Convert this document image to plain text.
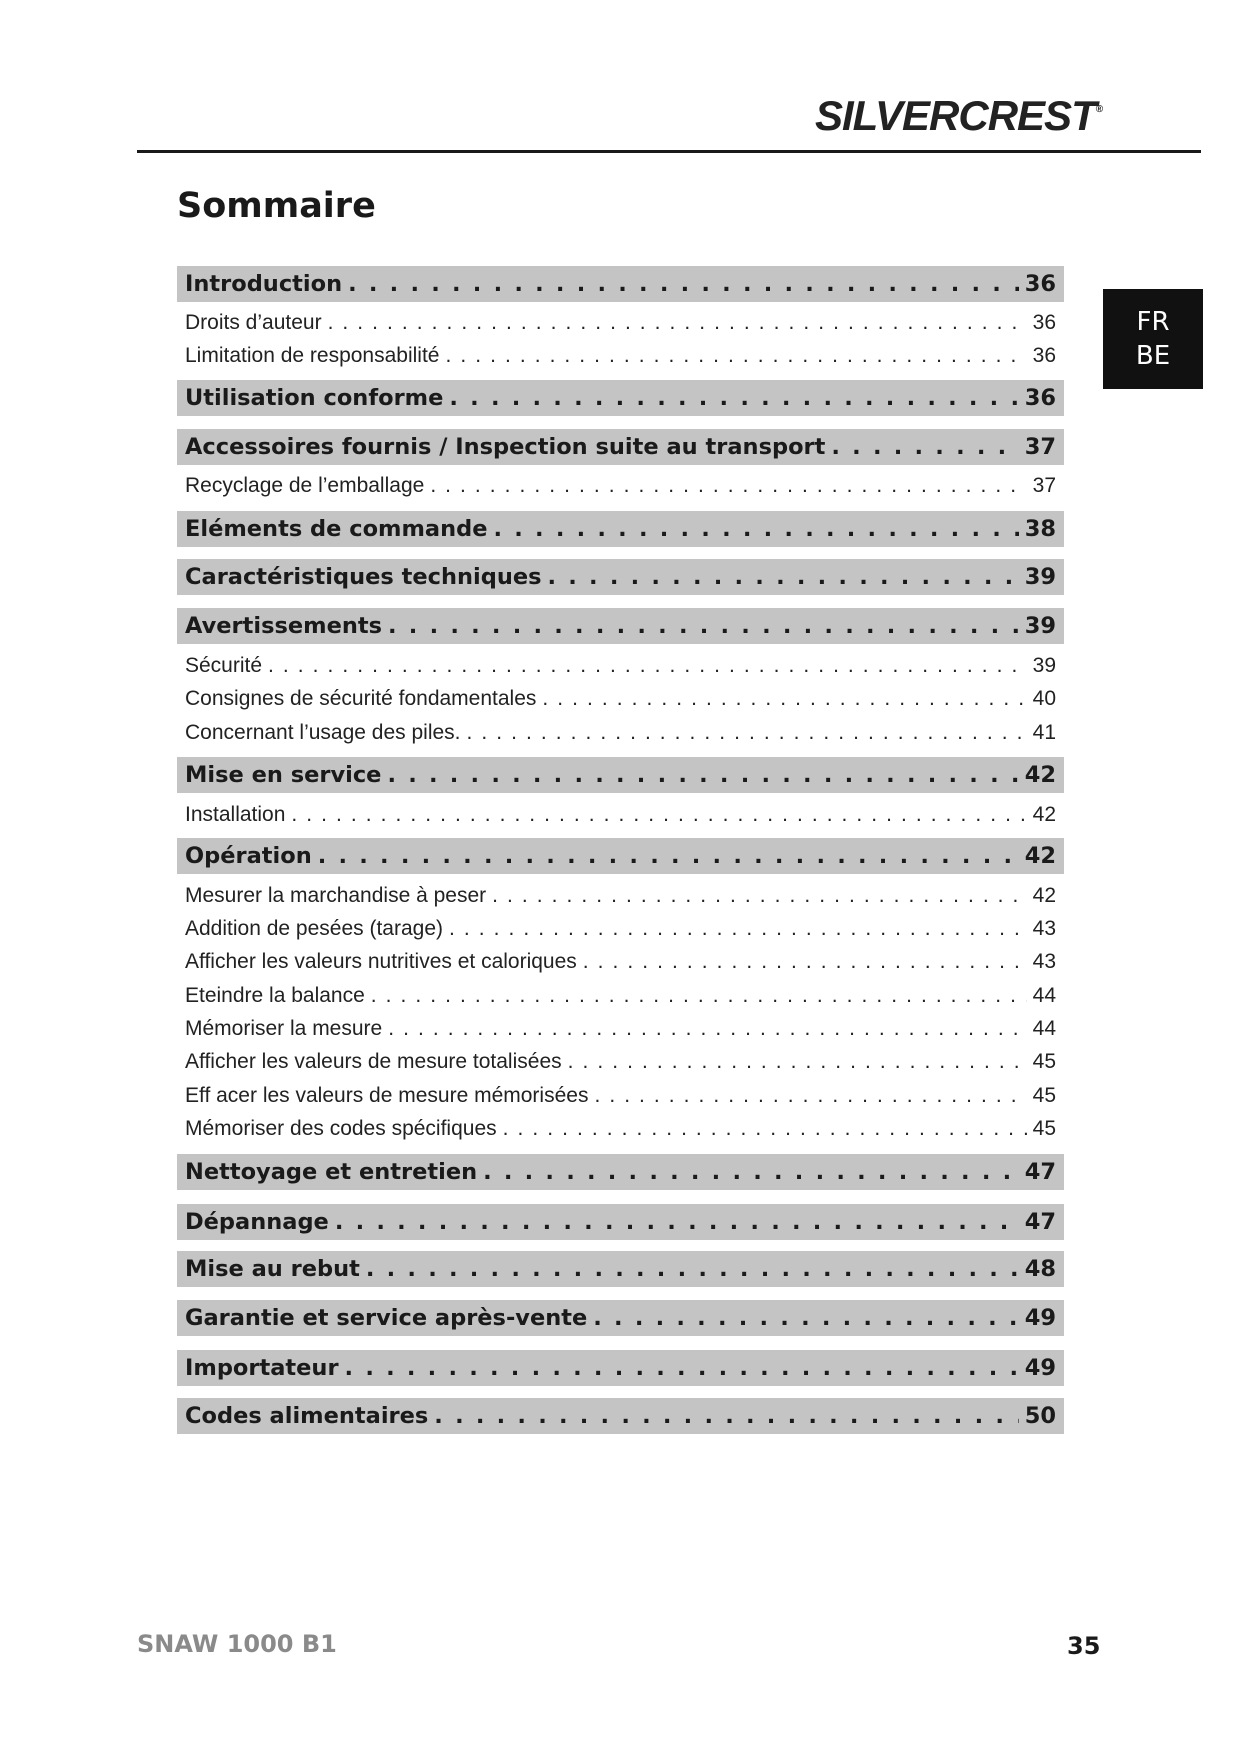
SILVERCREST®
Sommaire
FR
BE
Introduction . . .	36
Droits d’auteur . . .	36
Limitation de responsabilité . . .	36
Utilisation conforme . . .	36
Accessoires fournis / Inspection suite au transport . . .	37
Recyclage de l’emballage . . .	37
Eléments de commande . . .	38
Caractéristiques techniques . . .	39
Avertissements . . .	39
Sécurité . . .	39
Consignes de sécurité fondamentales . . .	40
Concernant l’usage des piles. . . .	41
Mise en service . . .	42
Installation . . .	42
Opération . . .	42
Mesurer la marchandise à peser . . .	42
Addition de pesées (tarage) . . .	43
Afficher les valeurs nutritives et caloriques . . .	43
Eteindre la balance . . .	44
Mémoriser la mesure . . .	44
Afficher les valeurs de mesure totalisées . . .	45
Eff acer les valeurs de mesure mémorisées . . .	45
Mémoriser des codes spécifiques . . .	45
Nettoyage et entretien . . .	47
Dépannage . . .	47
Mise au rebut . . .	48
Garantie et service après-vente . . .	49
Importateur . . .	49
Codes alimentaires . . .	50
SNAW 1000 B1	35
